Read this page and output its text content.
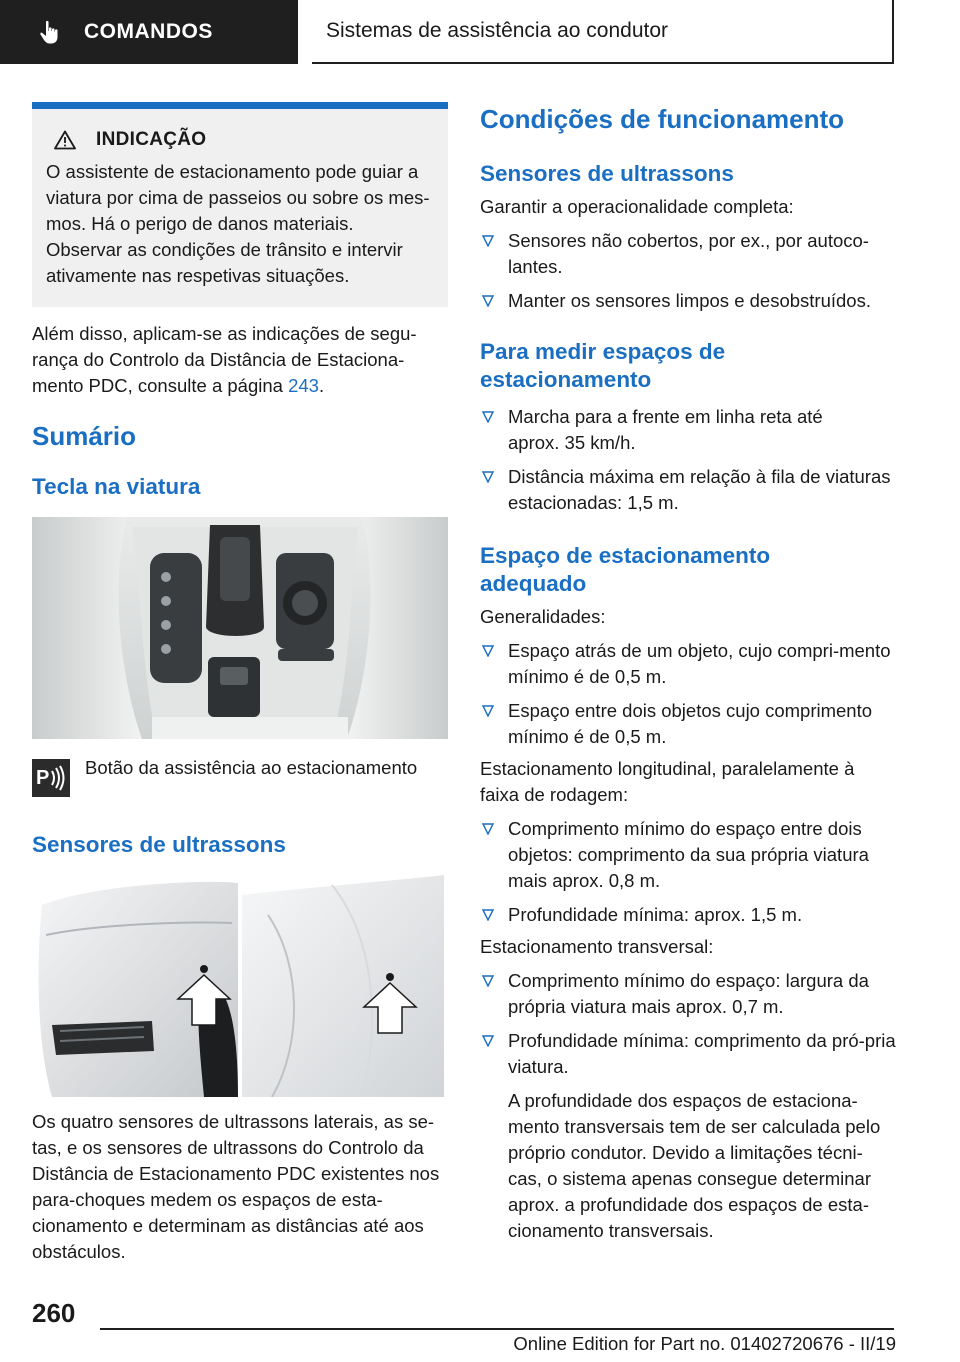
COMANDOS	Sistemas de assistência ao condutor
INDICAÇÃO

O assistente de estacionamento pode guiar a viatura por cima de passeios ou sobre os mes-mos. Há o perigo de danos materiais. Observar as condições de trânsito e intervir ativamente nas respetivas situações.

Além disso, aplicam-se as indicações de segu-rança do Controlo da Distância de Estaciona-mento PDC, consulte a página 243.

Sumário
Tecla na viatura
P Botão da assistência ao estacionamento
Sensores de ultrassons

Os quatro sensores de ultrassons laterais, as se-tas, e os sensores de ultrassons do Controlo da Distância de Estacionamento PDC existentes nos para-choques medem os espaços de esta-cionamento e determinam as distâncias até aos obstáculos.

Condições de funcionamento
Sensores de ultrassons

Garantir a operacionalidade completa:

Sensores não cobertos, por ex., por autoco-lantes.

Manter os sensores limpos e desobstruídos.

Para medir espaços de estacionamento

Marcha para a frente em linha reta até aprox. 35 km/h.

Distância máxima em relação à fila de viaturas estacionadas: 1,5 m.

Espaço de estacionamento adequado

Generalidades:

Espaço atrás de um objeto, cujo compri-mento mínimo é de 0,5 m.

Espaço entre dois objetos cujo comprimento mínimo é de 0,5 m.

Estacionamento longitudinal, paralelamente à faixa de rodagem:

Comprimento mínimo do espaço entre dois objetos: comprimento da sua própria viatura mais aprox. 0,8 m.

Profundidade mínima: aprox. 1,5 m.

Estacionamento transversal:

Comprimento mínimo do espaço: largura da própria viatura mais aprox. 0,7 m.

Profundidade mínima: comprimento da pró-pria viatura.

A profundidade dos espaços de estaciona-mento transversais tem de ser calculada pelo próprio condutor. Devido a limitações técni-cas, o sistema apenas consegue determinar aprox. a profundidade dos espaços de esta-cionamento transversais.

260
Online Edition for Part no. 01402720676 - II/19
